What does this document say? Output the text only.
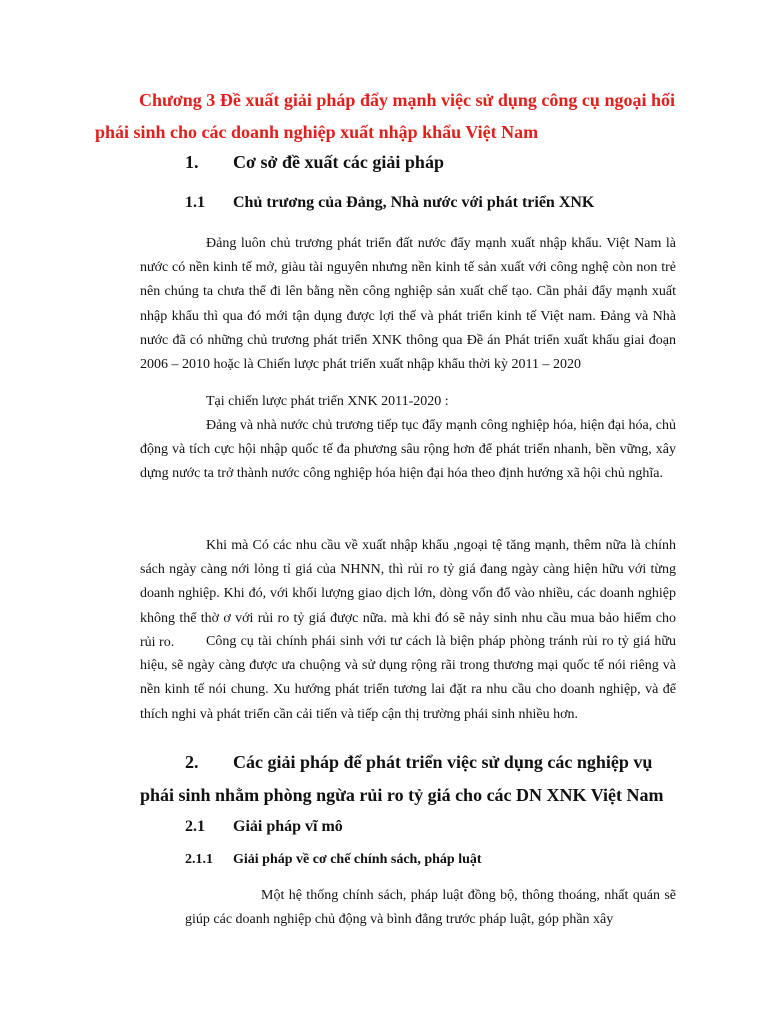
Chương 3 Đề xuất giải pháp đẩy mạnh việc sử dụng công cụ ngoại hối phái sinh cho các doanh nghiệp xuất nhập khẩu Việt Nam

1. Cơ sở đề xuất các giải pháp
1.1 Chủ trương của Đảng, Nhà nước với phát triển XNK

Đảng luôn chủ trương phát triển đất nước đẩy mạnh xuất nhập khẩu. Việt Nam là nước có nền kinh tế mở, giàu tài nguyên nhưng nền kinh tế sản xuất với công nghệ còn non trẻ nên chúng ta chưa thể đi lên bằng nền công nghiệp sản xuất chế tạo. Cần phải đẩy mạnh xuất nhập khẩu thì qua đó mới tận dụng được lợi thế và phát triển kinh tế Việt nam. Đảng và Nhà nước đã có những chủ trương phát triển XNK thông qua Đề án Phát triển xuất khẩu giai đoạn 2006 – 2010 hoặc là Chiến lược phát triển xuất nhập khẩu thời kỳ 2011 – 2020

Tại chiến lược phát triển XNK 2011-2020 :

Đảng và nhà nước chủ trương tiếp tục đẩy mạnh công nghiệp hóa, hiện đại hóa, chủ động và tích cực hội nhập quốc tế đa phương sâu rộng hơn để phát triển nhanh, bền vững, xây dựng nước ta trở thành nước công nghiệp hóa hiện đại hóa theo định hướng xã hội chủ nghĩa.

Khi mà Có các nhu cầu về xuất nhập khẩu ,ngoại tệ tăng mạnh, thêm nữa là chính sách ngày càng nới lỏng tỉ giá của NHNN, thì rủi ro tỷ giá đang ngày càng hiện hữu với từng doanh nghiệp. Khi đó, với khối lượng giao dịch lớn, dòng vốn đổ vào nhiều, các doanh nghiệp không thể thờ ơ với rủi ro tỷ giá được nữa. mà khi đó sẽ nảy sinh nhu cầu mua bảo hiểm cho rủi ro.	Công cụ tài chính phái sinh với tư cách là biện pháp phòng tránh rủi ro tỷ giá hữu hiệu, sẽ ngày càng được ưa chuộng và sử dụng rộng rãi trong thương mại quốc tế nói riêng và nền kinh tế nói chung. Xu hướng phát triển tương lai đặt ra nhu cầu cho doanh nghiệp, và để thích nghi và phát triển cần cải tiến và tiếp cận thị trường phái sinh nhiều hơn.

2. Các giải pháp để phát triển việc sử dụng các nghiệp vụ phái sinh nhằm phòng ngừa rủi ro tỷ giá cho các DN XNK Việt Nam
2.1 Giải pháp vĩ mô
2.1.1 Giải pháp về cơ chế chính sách, pháp luật

Một hệ thống chính sách, pháp luật đồng bộ, thông thoáng, nhất quán sẽ giúp các doanh nghiệp chủ động và bình đẳng trước pháp luật, góp phần xây
